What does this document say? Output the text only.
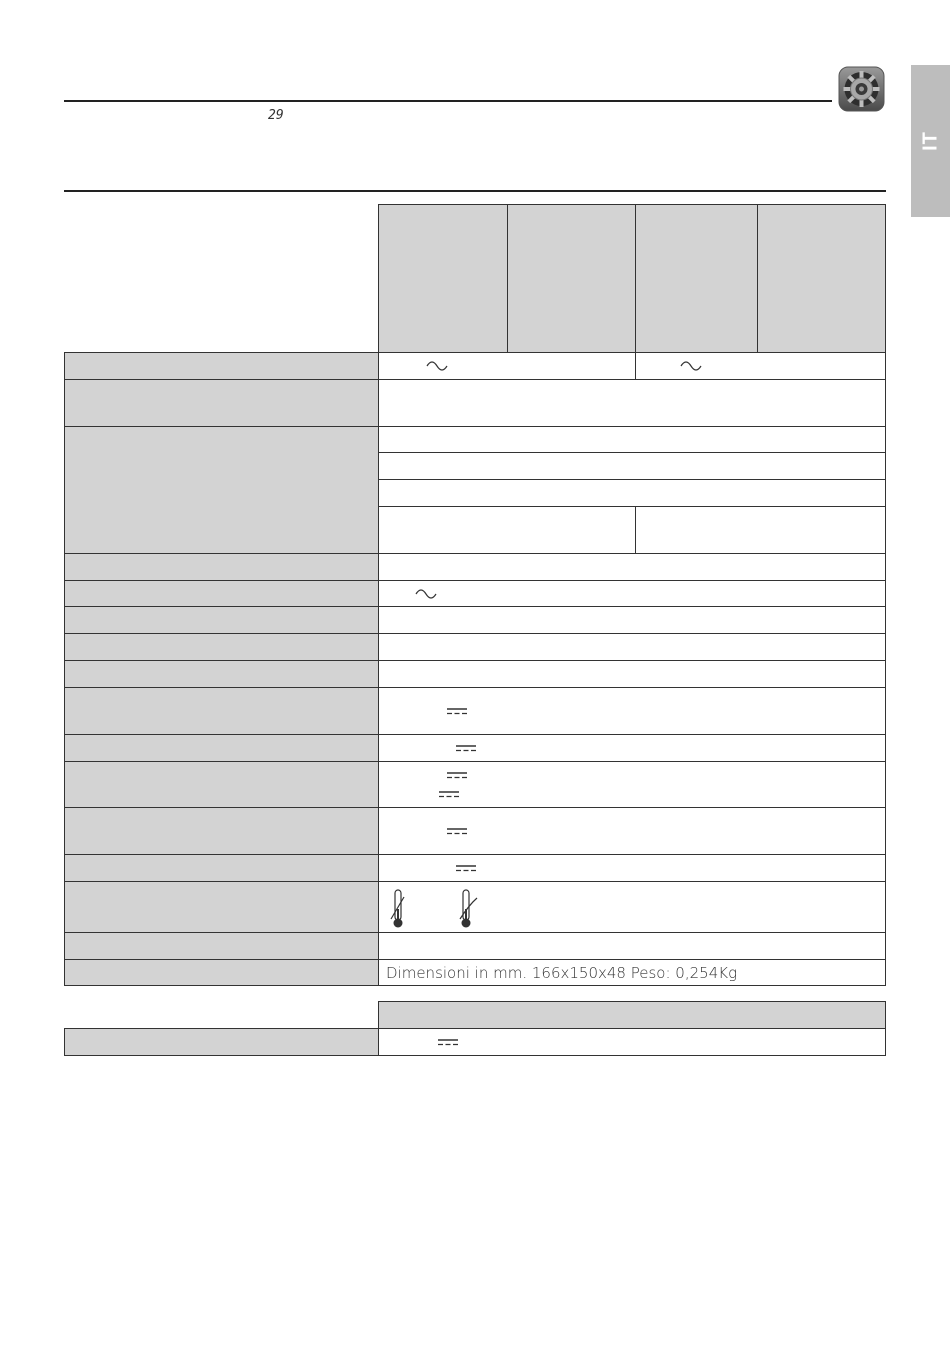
29
IT
Dimensioni in mm. 166x150x48 Peso: 0,254Kg
